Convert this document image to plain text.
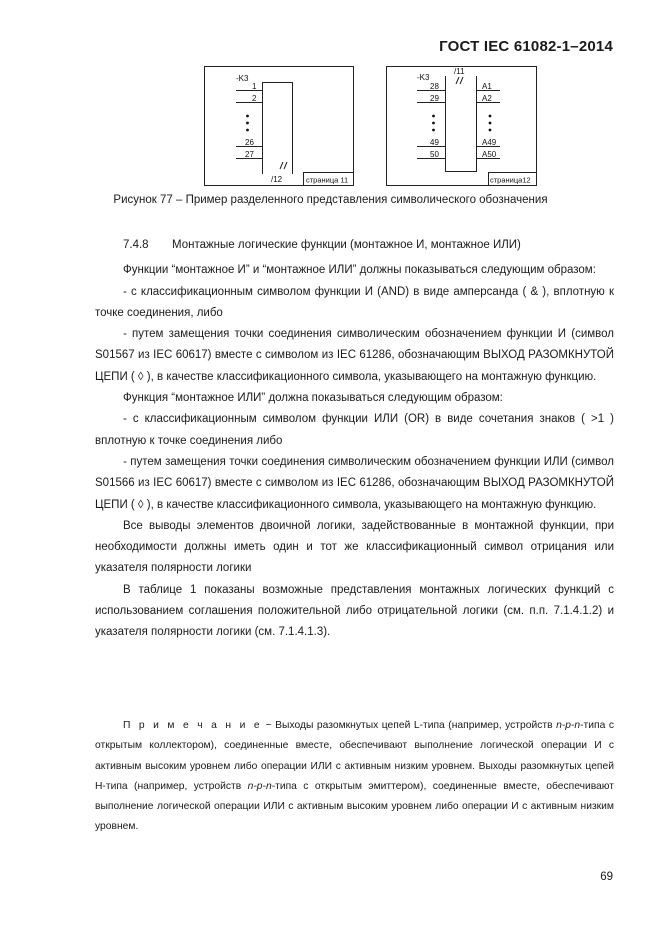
ГОСТ IEC 61082-1–2014
-K3
1
2
26
27
/12	страница 11
-K3
/11
28
29
49
50
A1
A2
A49
A50
страница12
Рисунок 77 – Пример разделенного представления символического обозначения

7.4.8 Монтажные логические функции (монтажное И, монтажное ИЛИ)

Функции “монтажное И” и “монтажное ИЛИ” должны показываться следующим образом:

- с классификационным символом функции И (AND) в виде амперсанда ( & ), вплотную к точке соединения, либо

- путем замещения точки соединения символическим обозначением функции И (символ S01567 из IEC 60617) вместе с символом из IEC 61286, обозначающим ВЫХОД РАЗОМКНУТОЙ ЦЕПИ ( ◊ ), в качестве классификационного символа, указывающего на монтажную функцию.

Функция “монтажное ИЛИ” должна показываться следующим образом:

- с классификационным символом функции ИЛИ (OR) в виде сочетания знаков ( >1 ) вплотную к точке соединения либо

- путем замещения точки соединения символическим обозначением функции ИЛИ (символ S01566 из IEC 60617) вместе с символом из IEC 61286, обозначающим ВЫХОД РАЗОМКНУТОЙ ЦЕПИ ( ◊ ), в качестве классификационного символа, указывающего на монтажную функцию.

Все выводы элементов двоичной логики, задействованные в монтажной функции, при необходимости должны иметь один и тот же классификационный символ отрицания или указателя полярности логики

В таблице 1 показаны возможные представления монтажных логических функций с использованием соглашения положительной либо отрицательной логики (см. п.п. 7.1.4.1.2) и указателя полярности логики (см. 7.1.4.1.3).

П р и м е ч а н и е − Выходы разомкнутых цепей L-типа (например, устройств n-p-n-типа с открытым коллектором), соединенные вместе, обеспечивают выполнение логической операции И с активным высоким уровнем либо операции ИЛИ с активным низким уровнем. Выходы разомкнутых цепей H-типа (например, устройств n-p-n-типа с открытым эмиттером), соединенные вместе, обеспечивают выполнение логической операции ИЛИ с активным высоким уровнем либо операции И с активным низким уровнем.

69
